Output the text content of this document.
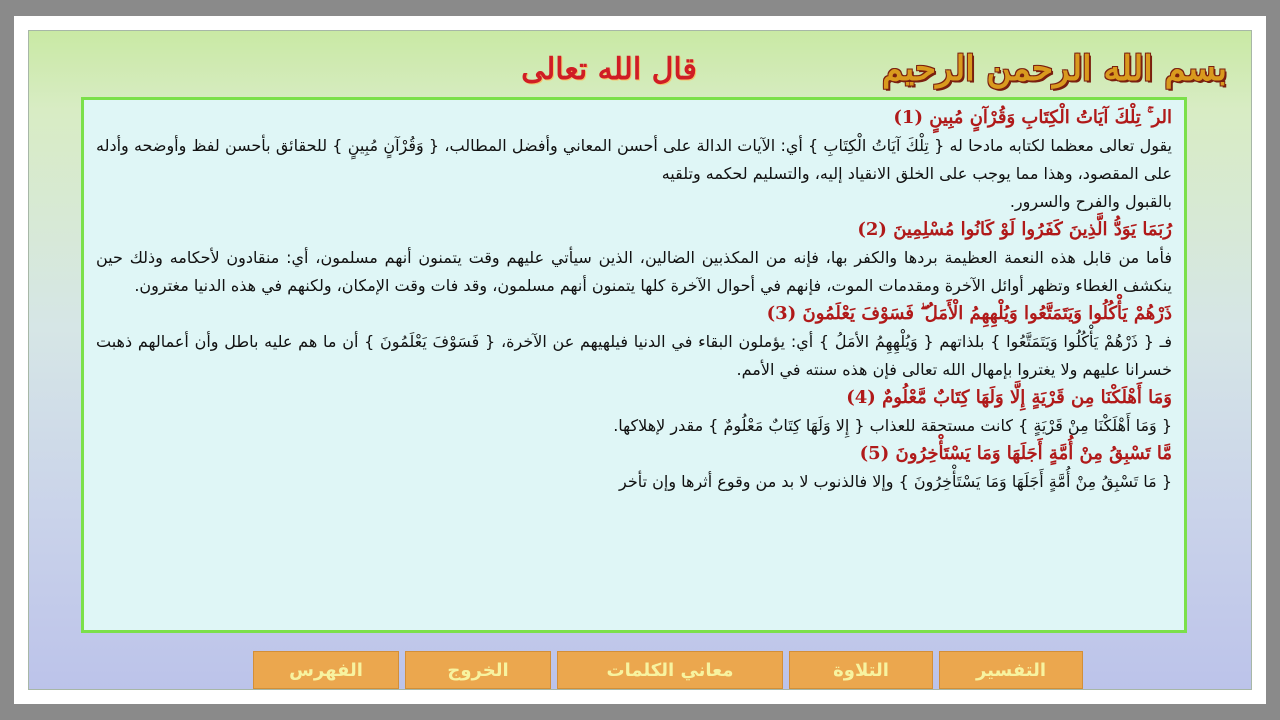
بسم الله الرحمن الرحيم
قال الله تعالى
الر ۚ تِلْكَ آيَاتُ الْكِتَابِ وَقُرْآنٍ مُبِينٍ (1)
يقول تعالى معظما لكتابه مادحا له { تِلْكَ آيَاتُ الْكِتَابِ } أي: الآيات الدالة على أحسن المعاني وأفضل المطالب، { وَقُرْآنٍ مُبِينٍ } للحقائق بأحسن لفظ وأوضحه وأدله على المقصود، وهذا مما يوجب على الخلق الانقياد إليه، والتسليم لحكمه وتلقيه
بالقبول والفرح والسرور.
رُبَمَا يَوَدُّ الَّذِينَ كَفَرُوا لَوْ كَانُوا مُسْلِمِينَ (2)
فأما من قابل هذه النعمة العظيمة بردها والكفر بها، فإنه من المكذبين الضالين، الذين سيأتي عليهم وقت يتمنون أنهم مسلمون، أي: منقادون لأحكامه وذلك حين ينكشف الغطاء وتظهر أوائل الآخرة ومقدمات الموت، فإنهم في أحوال الآخرة كلها يتمنون أنهم مسلمون، وقد فات وقت الإمكان، ولكنهم في هذه الدنيا مغترون.
ذَرْهُمْ يَأْكُلُوا وَيَتَمَتَّعُوا وَيُلْهِهِمُ الْأَمَلُ ۖ فَسَوْفَ يَعْلَمُونَ (3)
فـ { ذَرْهُمْ يَأْكُلُوا وَيَتَمَتَّعُوا } بلذاتهم { وَيُلْهِهِمُ الأمَلُ } أي: يؤملون البقاء في الدنيا فيلهيهم عن الآخرة، { فَسَوْفَ يَعْلَمُونَ } أن ما هم عليه باطل وأن أعمالهم ذهبت خسرانا عليهم ولا يغتروا بإمهال الله تعالى فإن هذه سنته في الأمم.
وَمَا أَهْلَكْنَا مِن قَرْيَةٍ إِلَّا وَلَهَا كِتَابٌ مَّعْلُومٌ (4)
{ وَمَا أَهْلَكْنَا مِنْ قَرْيَةٍ } كانت مستحقة للعذاب { إِلا وَلَهَا كِتَابٌ مَعْلُومٌ } مقدر لإهلاكها.
مَّا تَسْبِقُ مِنْ أُمَّةٍ أَجَلَهَا وَمَا يَسْتَأْخِرُونَ (5)
{ مَا تَسْبِقُ مِنْ أُمَّةٍ أَجَلَهَا وَمَا يَسْتَأْخِرُونَ } وإلا فالذنوب لا بد من وقوع أثرها وإن تأخر
التفسير
التلاوة
معاني الكلمات
الخروج
الفهرس
